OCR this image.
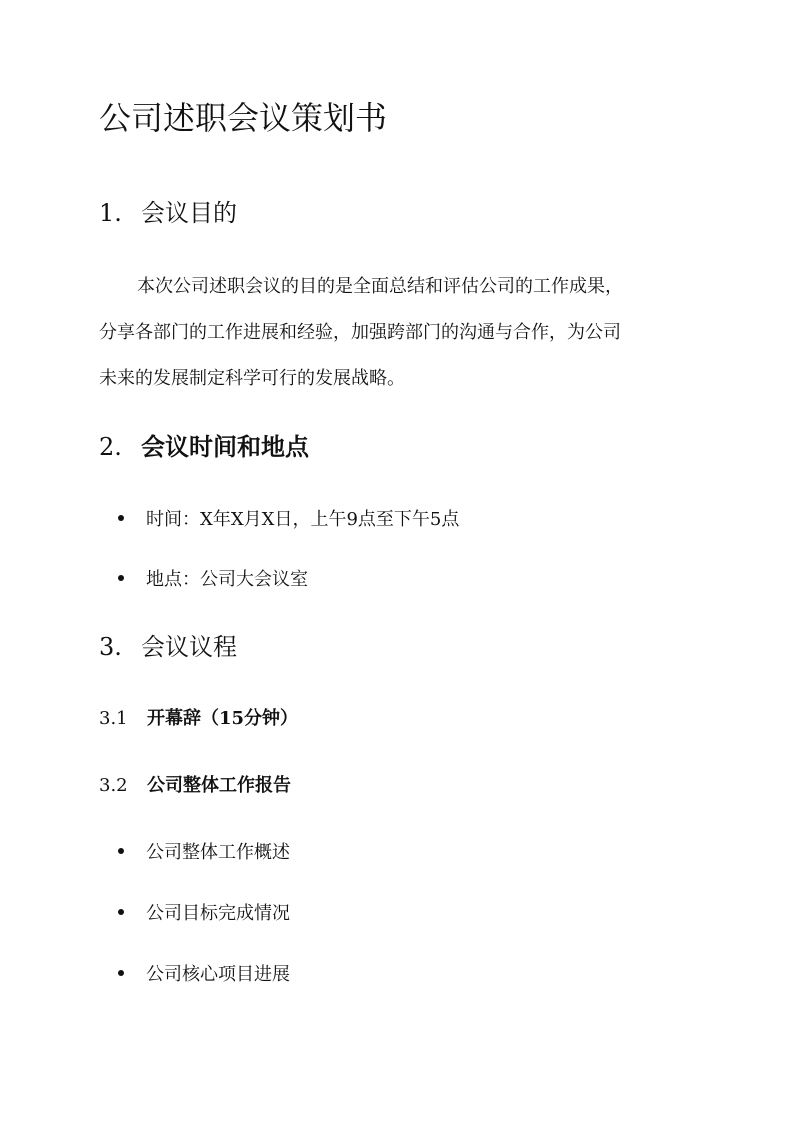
公司述职会议策划书
1. 会议目的
本次公司述职会议的目的是全面总结和评估公司的工作成果，
分享各部门的工作进展和经验，加强跨部门的沟通与合作，为公司
未来的发展制定科学可行的发展战略。
2. 会议时间和地点
时间：X年X月X日，上午9点至下午5点
地点：公司大会议室
3. 会议议程
3.1 开幕辞（15分钟）
3.2 公司整体工作报告
公司整体工作概述
公司目标完成情况
公司核心项目进展
